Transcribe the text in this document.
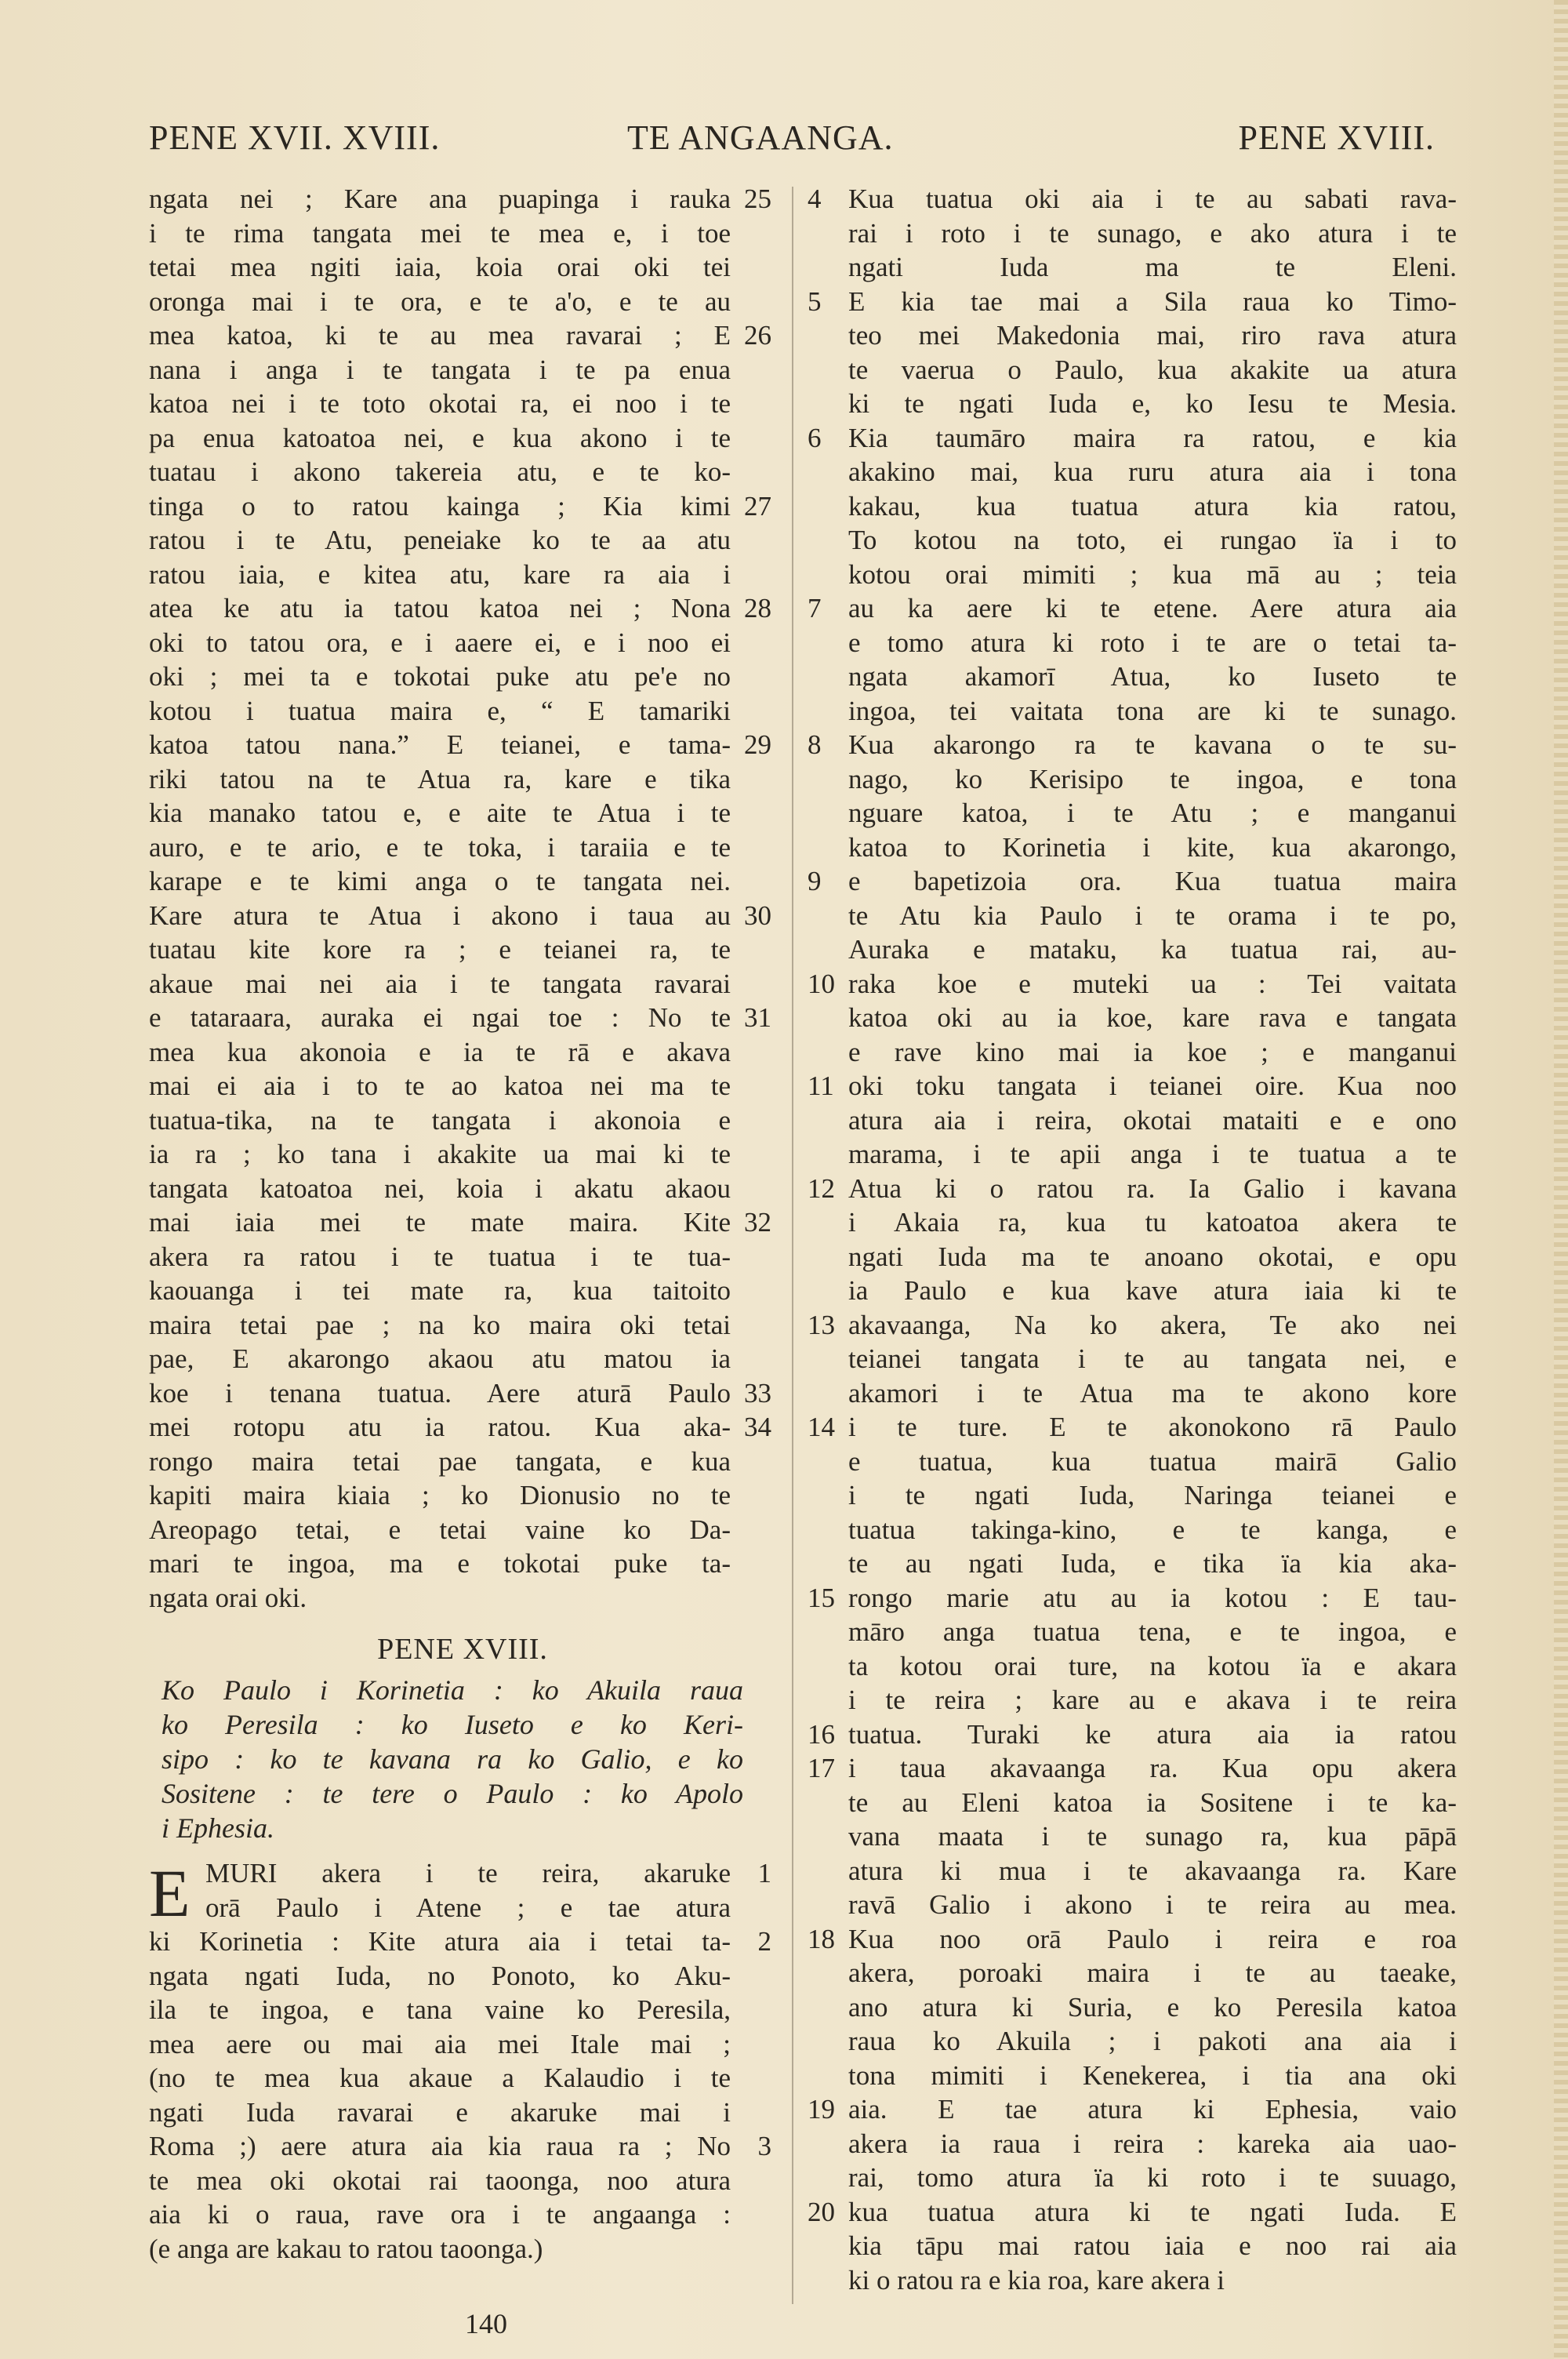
PENE XVII. XVIII.	TE ANGAANGA.	PENE XVIII.
ngata nei ; Kare ana puapinga i rauka 25
i te rima tangata mei te mea e, i toe
tetai mea ngiti iaia, koia orai oki tei
oronga mai i te ora, e te a'o, e te au
mea katoa, ki te au mea ravarai ; E 26
nana i anga i te tangata i te pa enua
katoa nei i te toto okotai ra, ei noo i te
pa enua katoatoa nei, e kua akono i te
tuatau i akono takereia atu, e te ko-
tinga o to ratou kainga ; Kia kimi 27
ratou i te Atu, peneiake ko te aa atu
ratou iaia, e kitea atu, kare ra aia i
atea ke atu ia tatou katoa nei ; Nona 28
oki to tatou ora, e i aaere ei, e i noo ei
oki ; mei ta e tokotai puke atu pe'e no
kotou i tuatua maira e, “ E tamariki
katoa tatou nana.” E teianei, e tama- 29
riki tatou na te Atua ra, kare e tika
kia manako tatou e, e aite te Atua i te
auro, e te ario, e te toka, i taraiia e te
karape e te kimi anga o te tangata nei.
Kare atura te Atua i akono i taua au 30
tuatau kite kore ra ; e teianei ra, te
akaue mai nei aia i te tangata ravarai
e tataraara, auraka ei ngai toe : No te 31
mea kua akonoia e ia te rā e akava
mai ei aia i to te ao katoa nei ma te
tuatua-tika, na te tangata i akonoia e
ia ra ; ko tana i akakite ua mai ki te
tangata katoatoa nei, koia i akatu akaou
mai iaia mei te mate maira. Kite 32
akera ra ratou i te tuatua i te tua-
kaouanga i tei mate ra, kua taitoito
maira tetai pae ; na ko maira oki tetai
pae, E akarongo akaou atu matou ia
koe i tenana tuatua. Aere aturā Paulo 33
mei rotopu atu ia ratou. Kua aka- 34
rongo maira tetai pae tangata, e kua
kapiti maira kiaia ; ko Dionusio no te
Areopago tetai, e tetai vaine ko Da-
mari te ingoa, ma e tokotai puke ta-
ngata orai oki.
PENE XVIII.
Ko Paulo i Korinetia : ko Akuila raua
ko Peresila : ko Iuseto e ko Keri-
sipo : ko te kavana ra ko Galio, e ko
Sositene : te tere o Paulo : ko Apolo
i Ephesia.
E MURI akera i te reira, akaruke 1
orā Paulo i Atene ; e tae atura
ki Korinetia : Kite atura aia i tetai ta- 2
ngata ngati Iuda, no Ponoto, ko Aku-
ila te ingoa, e tana vaine ko Peresila,
mea aere ou mai aia mei Itale mai ;
(no te mea kua akaue a Kalaudio i te
ngati Iuda ravarai e akaruke mai i
Roma ;) aere atura aia kia raua ra ; No 3
te mea oki okotai rai taoonga, noo atura
aia ki o raua, rave ora i te angaanga :
(e anga are kakau to ratou taoonga.)
Kua tuatua oki aia i te au sabati rava-
4
rai i roto i te sunago, e ako atura i te
ngati Iuda ma te Eleni.
E kia tae mai a Sila raua ko Timo-
5
teo mei Makedonia mai, riro rava atura
te vaerua o Paulo, kua akakite ua atura
ki te ngati Iuda e, ko Iesu te Mesia.
Kia taumāro maira ra ratou, e kia
6
akakino mai, kua ruru atura aia i tona
kakau, kua tuatua atura kia ratou,
To kotou na toto, ei rungao ïa i to
kotou orai mimiti ; kua mā au ; teia
au ka aere ki te etene. Aere atura aia
7
e tomo atura ki roto i te are o tetai ta-
ngata akamorī Atua, ko Iuseto te
ingoa, tei vaitata tona are ki te sunago.
Kua akarongo ra te kavana o te su-
8
nago, ko Kerisipo te ingoa, e tona
nguare katoa, i te Atu ; e manganui
katoa to Korinetia i kite, kua akarongo,
e bapetizoia ora. Kua tuatua maira
9
te Atu kia Paulo i te orama i te po,
Auraka e mataku, ka tuatua rai, au-
raka koe e muteki ua : Tei vaitata
10
katoa oki au ia koe, kare rava e tangata
e rave kino mai ia koe ; e manganui
oki toku tangata i teianei oire. Kua noo
11
atura aia i reira, okotai mataiti e e ono
marama, i te apii anga i te tuatua a te
Atua ki o ratou ra. Ia Galio i kavana
12
i Akaia ra, kua tu katoatoa akera te
ngati Iuda ma te anoano okotai, e opu
ia Paulo e kua kave atura iaia ki te
akavaanga, Na ko akera, Te ako nei
13
teianei tangata i te au tangata nei, e
akamori i te Atua ma te akono kore
i te ture. E te akonokono rā Paulo
14
e tuatua, kua tuatua mairā Galio
i te ngati Iuda, Naringa teianei e
tuatua takinga-kino, e te kanga, e
te au ngati Iuda, e tika ïa kia aka-
rongo marie atu au ia kotou : E tau-
15
māro anga tuatua tena, e te ingoa, e
ta kotou orai ture, na kotou ïa e akara
i te reira ; kare au e akava i te reira
tuatua. Turaki ke atura aia ia ratou
16
i taua akavaanga ra. Kua opu akera
17
te au Eleni katoa ia Sositene i te ka-
vana maata i te sunago ra, kua pāpā
atura ki mua i te akavaanga ra. Kare
ravā Galio i akono i te reira au mea.
Kua noo orā Paulo i reira e roa
18
akera, poroaki maira i te au taeake,
ano atura ki Suria, e ko Peresila katoa
raua ko Akuila ; i pakoti ana aia i
tona mimiti i Kenekerea, i tia ana oki
aia. E tae atura ki Ephesia, vaio
19
akera ia raua i reira : kareka aia uao-
rai, tomo atura ïa ki roto i te suuago,
kua tuatua atura ki te ngati Iuda. E
20
kia tāpu mai ratou iaia e noo rai aia
ki o ratou ra e kia roa, kare akera i
140
